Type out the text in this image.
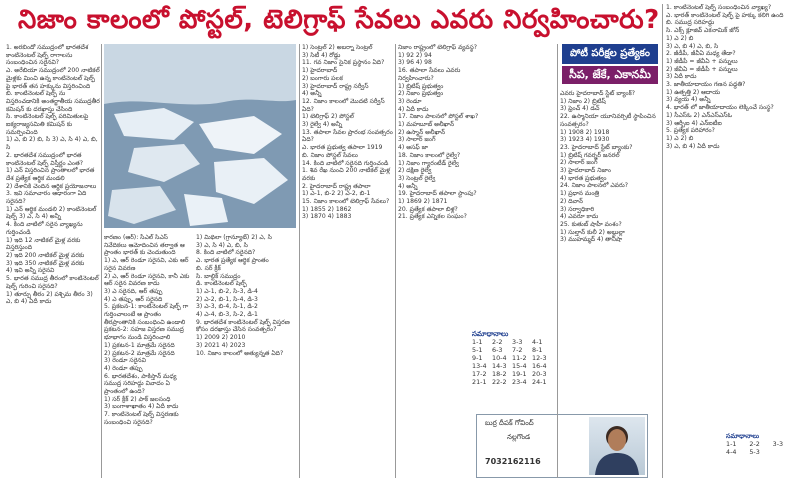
నిజాం కాలంలో పోస్టల్, టెలిగ్రాఫ్ సేవలు ఎవరు నిర్వహించారు?

1. అరబిందో సముద్రంలో భారతదేశ కాంటినెంటల్ షెల్ఫ్ రాగాలను సంబంధించిన సరైనవి?

ఎ. అరేబియా సముద్రంలో 200 నాటికల్ మైళ్లకు మించి ఉన్న కాంటినెంటల్ షెల్ఫ్ పై భారత్ తన హక్కును విస్తరించింది

బి. కాంటినెంటల్ షెల్ఫ్ ను విస్తరించడానికి అంతర్జాతీయ సముద్రతీర కమిషన్ కు దరఖాస్తు చేసింది

సి. కాంటినెంటల్ షెల్ఫ్ పరిమితులపై ఐక్యరాజ్యసమితి కమిషన్ కు సమర్పించింది

1) ఎ, బి 2) బి, సి 3) ఎ, సి 4) ఎ, బి, సి

2. భారతదేశ సముద్రంలో భారత కాంటినెంటల్ షెల్ఫ్ విస్తీర్ణం ఎంత?

1) ఎన్ విస్తరించిన ప్రాంతాలలో భారత దేశ ప్రత్యేక ఆర్థిక మండలి

2) దేశానికి చెందిన ఆర్థిక ప్రయోజనాలు

3. ఇవి సమాచారం ఆధారంగా ఏది సరైనది?

1) ఎన్ ఆర్థిక మండలి 2) కాంటినెంటల్ షెల్ఫ్ 3) ఎ, సి 4) అన్నీ

4. కింది వాటిలో సరైన వ్యాఖ్యను గుర్తించండి

1) ఇది 12 నాటికల్ మైళ్ల వరకు విస్తరిస్తుంది

2) ఇది 200 నాటికల్ మైళ్ల వరకు

3) ఇది 350 నాటికల్ మైళ్ల వరకు

4) ఇవి అన్నీ సరైనవి

5. భారత సముద్ర తీరంలో కాంటినెంటల్ షెల్ఫ్ గురించి సరైనది?

1) తూర్పు తీరం 2) పశ్చిమ తీరం 3) ఎ, బి 4) ఏదీ కాదు

కారణం (ఆర్): సీఎల్ సిఎస్ నివేదికలు ఆమోదించిన తర్వాత ఆ ప్రాంతం భారత్ కు చెందుతుంది

1) ఎ, ఆర్ రెండూ సరైనవి, ఎకు ఆర్ సరైన వివరణ

2) ఎ, ఆర్ రెండూ సరైనవి, కానీ ఎకు ఆర్ సరైన వివరణ కాదు

3) ఎ సరైనది, ఆర్ తప్పు

4) ఎ తప్పు, ఆర్ సరైనది

5. ప్రకటన-1: కాంటినెంటల్ షెల్ఫ్ గా గుర్తించాలంటే ఆ ప్రాంతం తీరప్రాంతానికి సంబంధించి ఉండాలి

ప్రకటన-2: సహజ విస్తరణ సముద్ర భూభాగం నుండి విస్తరించాలి

1) ప్రకటన-1 మాత్రమే సరైనది

2) ప్రకటన-2 మాత్రమే సరైనది

3) రెండూ సరైనవి

4) రెండూ తప్పు

6. భారతదేశం, పాకిస్తాన్ మధ్య సముద్ర సరిహద్దు వివాదం ఏ ప్రాంతంలో ఉంది?

1) సర్ క్రీక్ 2) పాక్ జలసంధి

3) బంగాళాఖాతం 4) ఏదీ కాదు

7. కాంటినెంటల్ షెల్ఫ్ విస్తరణకు సంబంధించి సరైనది?

1) మిథిలా (గ్రాన్యూట్) 2) ఎ, సి

3) ఎ, సి 4) ఎ, బి, సి

8. కింది వాటిలో సరైనది?

ఎ. భారత ప్రత్యేక ఆర్థిక ప్రాంతం

బి. సర్ క్రీక్

సి. బాల్టిక్ సముద్రం

డి. కాంటినెంటల్ షెల్ఫ్

1) ఎ-1, బి-2, సి-3, డి-4

2) ఎ-2, బి-1, సి-4, డి-3

3) ఎ-3, బి-4, సి-1, డి-2

4) ఎ-4, బి-3, సి-2, డి-1

9. భారతదేశ కాంటినెంటల్ షెల్ఫ్ విస్తరణ కోసం దరఖాస్తు చేసిన సంవత్సరం?

1) 2009 2) 2010

3) 2021 4) 2023

10. నిజాం కాలంలో అత్యున్నత ఏది?

1) సెంట్రల్ 2) అబర్నా సెంట్రల్

3) సిటీ 4) రోడ్డు

11. గవ నిజాం సైనిక ప్రస్థానం ఏది?

1) హైదరాబాద్

2) బంగారు పలక

3) హైదరాబాద్ రాష్ట్ర సర్వీస్

4) అన్నీ

12. నిజాం కాలంలో మొదటి సర్వీస్ ఏది?

1) టెలిగ్రాఫ్ 2) పోస్టల్

3) రైల్వే 4) అన్నీ

13. తపాలా సేవల ప్రారంభ సంవత్సరం ఏది?

ఎ. భారత ప్రభుత్వ తపాలా 1919

బి. నిజాం పోస్టల్ సేవలు

14. కింది వాటిలో సరైనది గుర్తించండి

1. శివ రేఖ నుంచి 200 నాటికల్ మైళ్ల వరకు

2. హైదరాబాద్ రాష్ట్ర తపాలా

1) ఎ-1, బి-2 2) ఎ-2, బి-1

15. నిజాం కాలంలో టెలిగ్రాఫ్ సేవలు?

1) 1855 2) 1862

3) 1870 4) 1883

నిజాం రాష్ట్రంలో టెలిగ్రాఫ్ వ్యవస్థ?

1) 92 2) 94

3) 96 4) 98

16. తపాలా సేవలు ఎవరు నిర్వహించారు?

1) బ్రిటిష్ ప్రభుత్వం

2) నిజాం ప్రభుత్వం

3) రెండూ

4) ఏదీ కాదు

17. నిజాం పాలనలో పోస్టల్ శాఖ?

1) మహబూబ్ అలీఖాన్

2) ఉస్మాన్ అలీఖాన్

3) సాలార్ జంగ్

4) అసఫ్ జా

18. నిజాం కాలంలో రైల్వే?

1) నిజాం గ్యారంటీడ్ రైల్వే

2) దక్షిణ రైల్వే

3) సెంట్రల్ రైల్వే

4) అన్నీ

19. హైదరాబాద్ తపాలా స్టాంపు?

1) 1869 2) 1871

20. ప్రత్యేక తపాలా బిళ్ల?

21. ప్రత్యేక ఎన్నికల సంఘం?

పోటీ పరీక్షల ప్రత్యేకం
సీప, జేకే, ఎకానమీ

ఎవరు హైదరాబాద్ స్టేట్ బ్యాంక్?

1) నిజాం 2) బ్రిటిష్

3) ఫ్రెంచ్ 4) డచ్

22. ఉస్మానియా యూనివర్సిటీ స్థాపించిన సంవత్సరం?

1) 1908 2) 1918

3) 1923 4) 1930

23. హైదరాబాద్ స్టేట్ బ్యాంకు?

1) బ్రిటిష్ గవర్నర్ జనరల్

2) సాలార్ జంగ్

3) హైదరాబాద్ నిజాం

4) భారత ప్రభుత్వం

24. నిజాం పాలనలో ఎవరు?

1) ప్రధాన మంత్రి

2) దివాన్

3) సర్వాధికారి

4) ఎవరూ కాదు

25. కుతుబ్ షాహీ వంశం?

1) సుల్తాన్ కులీ 2) అబ్దుల్లా

3) ముహమ్మద్ 4) తానీషా

సమాధానాలు
1-1	2-2	3-3	4-1
5-1	6-3	7-2	8-1
9-1	10-4 11-2 12-3
13-4 14-3 15-4 16-4
17-2 18-2 19-1 20-3
21-1 22-2 23-4 24-1
బుర్ర దీపక్ గోవింద్
నల్లగొండ
7032162116

1. కాంటినెంటల్ షెల్ఫ్ సంబంధించిన వ్యాఖ్య?

ఎ. భారత్ కాంటినెంటల్ షెల్ఫ్ పై హక్కు కలిగి ఉంది

బి. సముద్ర సరిహద్దు

సి. ఎక్స్ క్లూజివ్ ఎకనామిక్ జోన్

1) ఎ 2) బి

3) ఎ, బి 4) ఎ, బి, సి

2. జీడీపీ, జీవీఏ మధ్య తేడా?

1) జీడీపీ = జీవీఏ + పన్నులు

2) జీవీఏ = జీడీపీ + పన్నులు

3) ఏదీ కాదు

3. జాతీయాదాయం గణన పద్ధతి?

1) ఉత్పత్తి 2) ఆదాయ

3) వ్యయ 4) అన్నీ

4. భారత్ లో జాతీయాదాయం లెక్కించే సంస్థ?

1) సీఎస్ఓ 2) ఎన్ఎస్ఎస్ఓ

3) ఆర్బీఐ 4) ఎన్ఐటీఐ

5. ప్రత్యేక పరిహారం?

1) ఎ 2) బి

3) ఎ, బి 4) ఏదీ కాదు

సమాధానాలు
1-1	2-2	3-3
4-4	5-3
